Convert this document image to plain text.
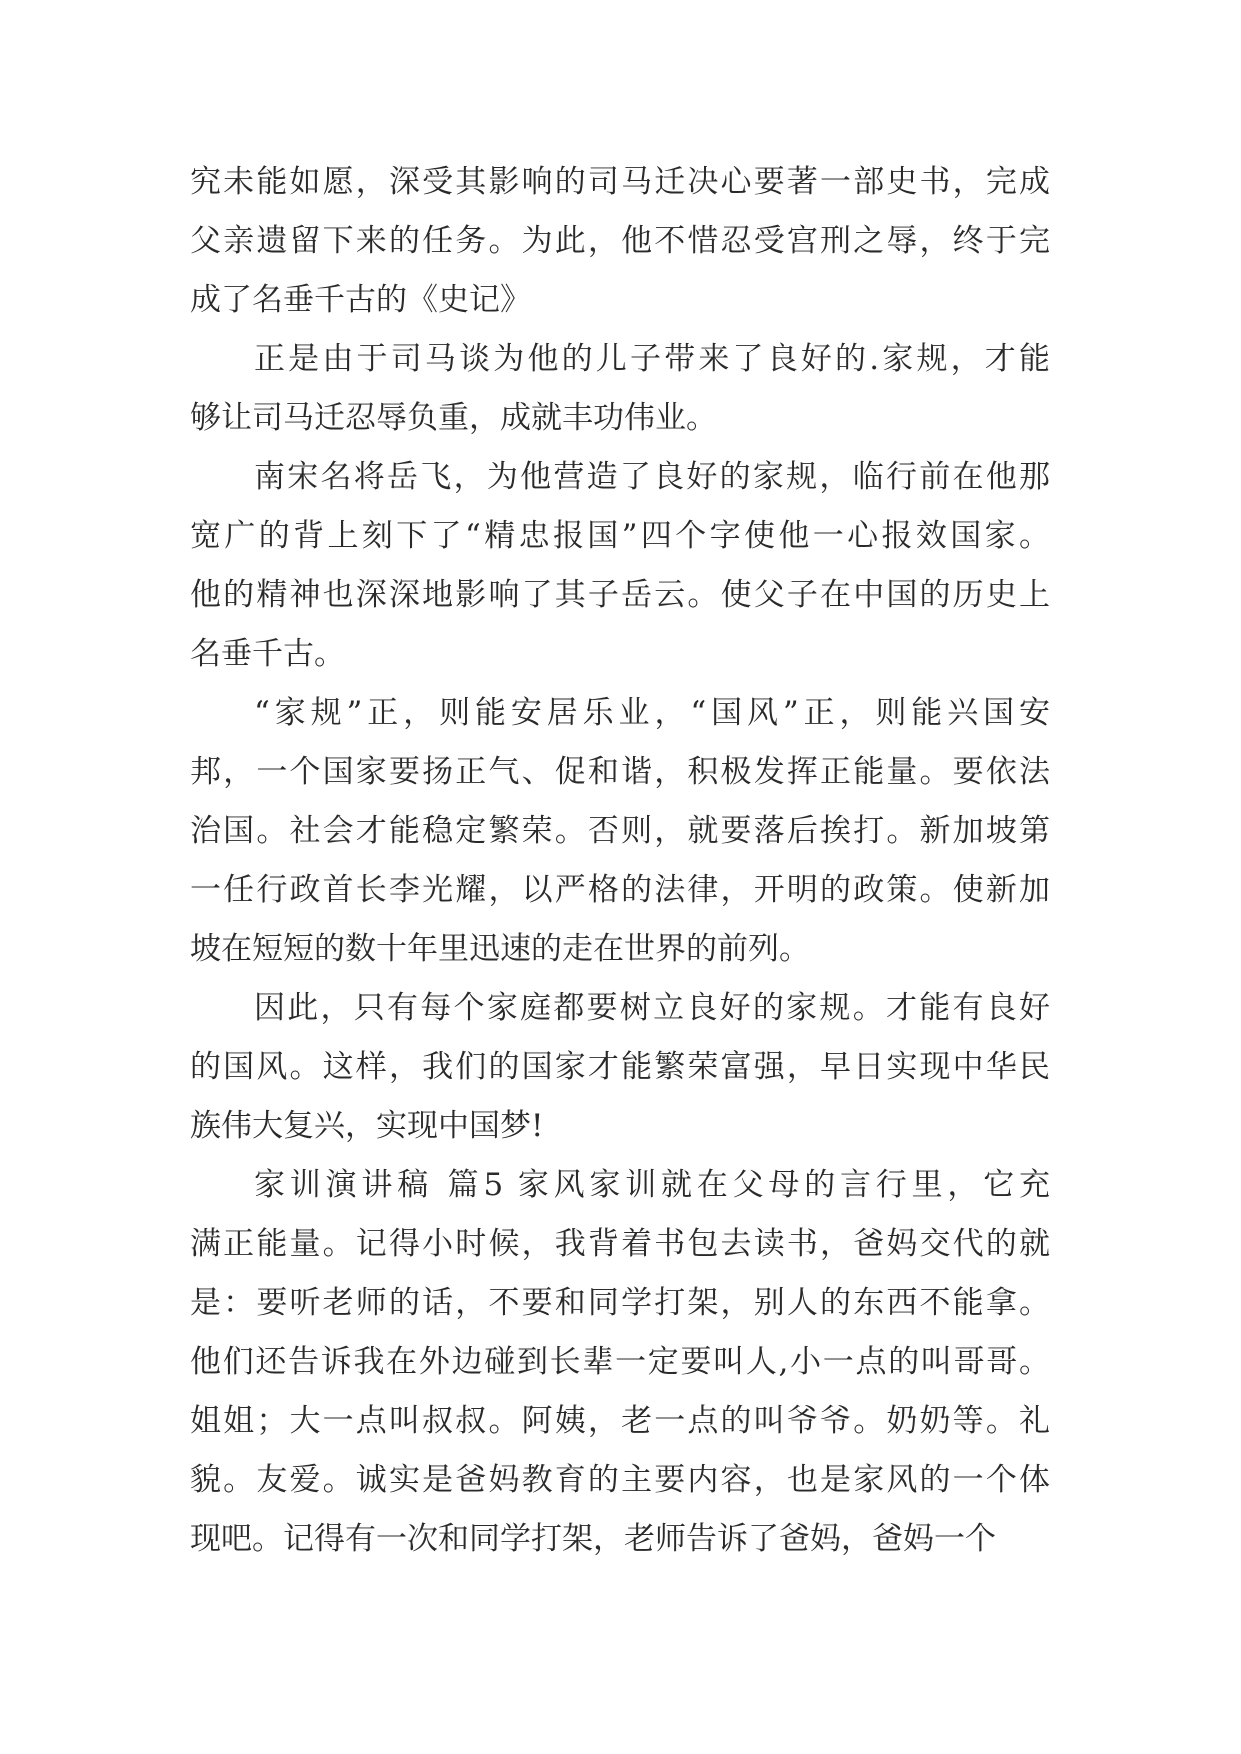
究未能如愿，深受其影响的司马迁决心要著一部史书，完成
父亲遗留下来的任务。为此，他不惜忍受宫刑之辱，终于完
成了名垂千古的《史记》
正是由于司马谈为他的儿子带来了良好的.家规，才能
够让司马迁忍辱负重，成就丰功伟业。
南宋名将岳飞，为他营造了良好的家规，临行前在他那
宽广的背上刻下了“精忠报国”四个字使他一心报效国家。
他的精神也深深地影响了其子岳云。使父子在中国的历史上
名垂千古。
“家规”正，则能安居乐业，“国风”正，则能兴国安
邦，一个国家要扬正气、促和谐，积极发挥正能量。要依法
治国。社会才能稳定繁荣。否则，就要落后挨打。新加坡第
一任行政首长李光耀，以严格的法律，开明的政策。使新加
坡在短短的数十年里迅速的走在世界的前列。
因此，只有每个家庭都要树立良好的家规。才能有良好
的国风。这样，我们的国家才能繁荣富强，早日实现中华民
族伟大复兴，实现中国梦!
家训演讲稿 篇5 家风家训就在父母的言行里，它充
满正能量。记得小时候，我背着书包去读书，爸妈交代的就
是：要听老师的话，不要和同学打架，别人的东西不能拿。
他们还告诉我在外边碰到长辈一定要叫人,小一点的叫哥哥。
姐姐；大一点叫叔叔。阿姨，老一点的叫爷爷。奶奶等。礼
貌。友爱。诚实是爸妈教育的主要内容，也是家风的一个体
现吧。记得有一次和同学打架，老师告诉了爸妈，爸妈一个
